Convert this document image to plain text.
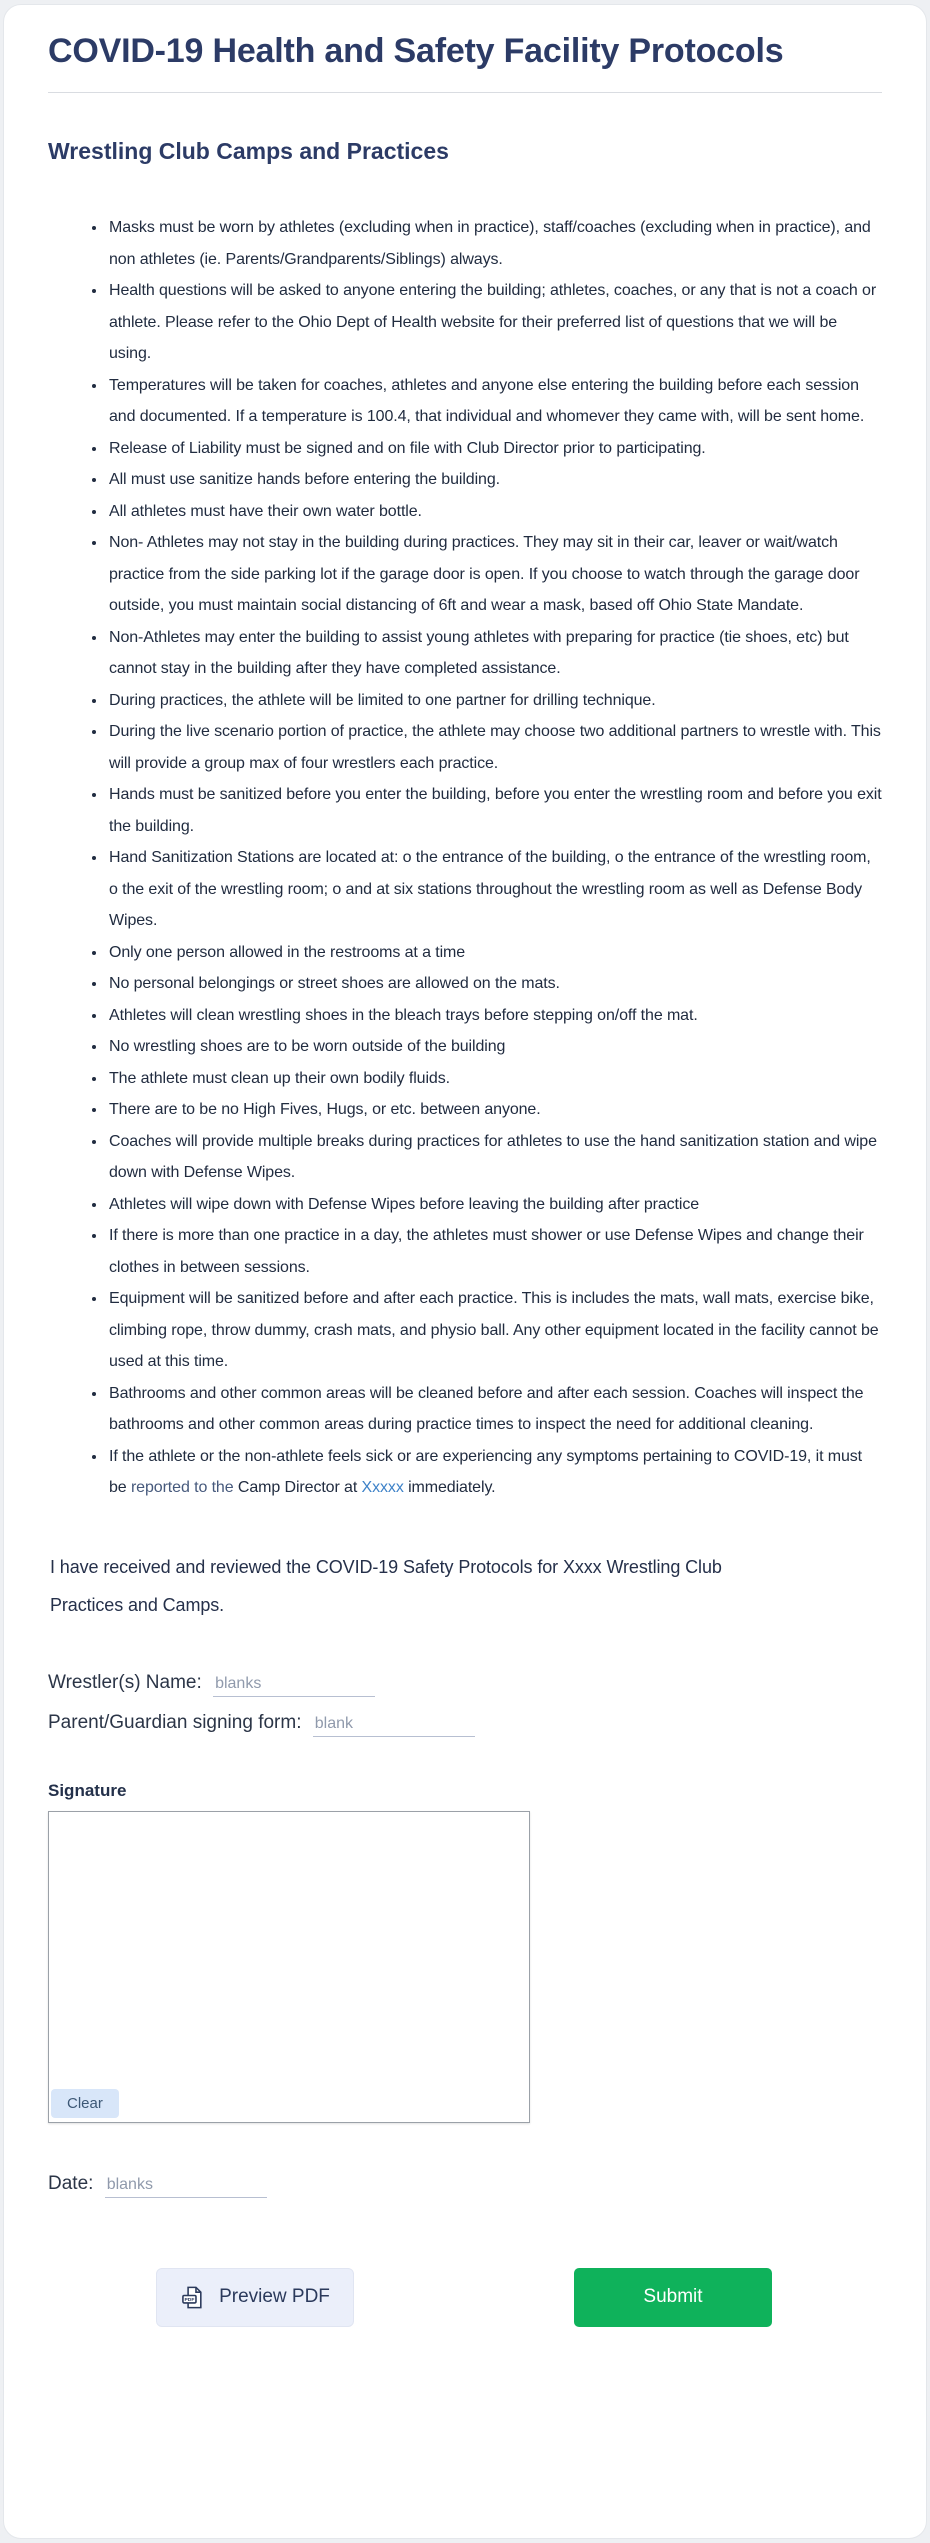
COVID-19 Health and Safety Facility Protocols
Wrestling Club Camps and Practices
• Masks must be worn by athletes (excluding when in practice), staff/coaches (excluding when in practice), and non athletes (ie. Parents/Grandparents/Siblings) always.
• Health questions will be asked to anyone entering the building; athletes, coaches, or any that is not a coach or athlete. Please refer to the Ohio Dept of Health website for their preferred list of questions that we will be using.
• Temperatures will be taken for coaches, athletes and anyone else entering the building before each session and documented. If a temperature is 100.4, that individual and whomever they came with, will be sent home.
• Release of Liability must be signed and on file with Club Director prior to participating.
• All must use sanitize hands before entering the building.
• All athletes must have their own water bottle.
• Non- Athletes may not stay in the building during practices. They may sit in their car, leaver or wait/watch practice from the side parking lot if the garage door is open. If you choose to watch through the garage door outside, you must maintain social distancing of 6ft and wear a mask, based off Ohio State Mandate.
• Non-Athletes may enter the building to assist young athletes with preparing for practice (tie shoes, etc) but cannot stay in the building after they have completed assistance.
• During practices, the athlete will be limited to one partner for drilling technique.
• During the live scenario portion of practice, the athlete may choose two additional partners to wrestle with. This will provide a group max of four wrestlers each practice.
• Hands must be sanitized before you enter the building, before you enter the wrestling room and before you exit the building.
• Hand Sanitization Stations are located at: o the entrance of the building, o the entrance of the wrestling room, o the exit of the wrestling room; o and at six stations throughout the wrestling room as well as Defense Body Wipes.
• Only one person allowed in the restrooms at a time
• No personal belongings or street shoes are allowed on the mats.
• Athletes will clean wrestling shoes in the bleach trays before stepping on/off the mat.
• No wrestling shoes are to be worn outside of the building
• The athlete must clean up their own bodily fluids.
• There are to be no High Fives, Hugs, or etc. between anyone.
• Coaches will provide multiple breaks during practices for athletes to use the hand sanitization station and wipe down with Defense Wipes.
• Athletes will wipe down with Defense Wipes before leaving the building after practice
• If there is more than one practice in a day, the athletes must shower or use Defense Wipes and change their clothes in between sessions.
• Equipment will be sanitized before and after each practice. This is includes the mats, wall mats, exercise bike, climbing rope, throw dummy, crash mats, and physio ball. Any other equipment located in the facility cannot be used at this time.
• Bathrooms and other common areas will be cleaned before and after each session. Coaches will inspect the bathrooms and other common areas during practice times to inspect the need for additional cleaning.
• If the athlete or the non-athlete feels sick or are experiencing any symptoms pertaining to COVID-19, it must be reported to the Camp Director at Xxxxx immediately.

I have received and reviewed the COVID-19 Safety Protocols for Xxxx Wrestling Club Practices and Camps.

Wrestler(s) Name: blanks
Parent/Guardian signing form: blank
Signature
Clear
Date: blanks
PDF Preview PDF	Submit
